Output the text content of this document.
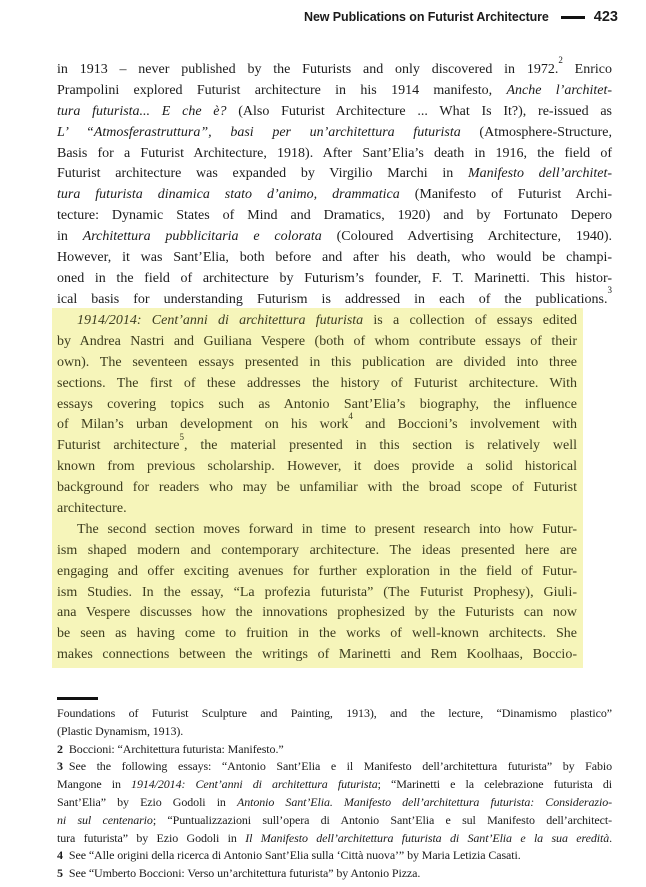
New Publications on Futurist Architecture	423
in 1913 – never published by the Futurists and only discovered in 1972.$^2$ Enrico
Prampolini explored Futurist architecture in his 1914 manifesto, Anche l’architet-
tura futurista... E che è? (Also Futurist Architecture ... What Is It?), re-issued as
L’ “Atmosferastruttura”, basi per un’architettura futurista (Atmosphere-Structure,
Basis for a Futurist Architecture, 1918). After Sant’Elia’s death in 1916, the field of
Futurist architecture was expanded by Virgilio Marchi in Manifesto dell’architet-
tura futurista dinamica stato d’animo, drammatica (Manifesto of Futurist Archi-
tecture: Dynamic States of Mind and Dramatics, 1920) and by Fortunato Depero
in Architettura pubblicitaria e colorata (Coloured Advertising Architecture, 1940).
However, it was Sant’Elia, both before and after his death, who would be champi-
oned in the field of architecture by Futurism’s founder, F. T. Marinetti. This histor-
ical basis for understanding Futurism is addressed in each of the publications.$^3$
1914/2014: Cent’anni di architettura futurista is a collection of essays edited
by Andrea Nastri and Guiliana Vespere (both of whom contribute essays of their
own). The seventeen essays presented in this publication are divided into three
sections. The first of these addresses the history of Futurist architecture. With
essays covering topics such as Antonio Sant’Elia’s biography, the influence
of Milan’s urban development on his work$^4$ and Boccioni’s involvement with
Futurist architecture$^5$, the material presented in this section is relatively well
known from previous scholarship. However, it does provide a solid historical
background for readers who may be unfamiliar with the broad scope of Futurist
architecture.
The second section moves forward in time to present research into how Futur-
ism shaped modern and contemporary architecture. The ideas presented here are
engaging and offer exciting avenues for further exploration in the field of Futur-
ism Studies. In the essay, “La profezia futurista” (The Futurist Prophesy), Giuli-
ana Vespere discusses how the innovations prophesized by the Futurists can now
be seen as having come to fruition in the works of well-known architects. She
makes connections between the writings of Marinetti and Rem Koolhaas, Boccio-
Foundations of Futurist Sculpture and Painting, 1913), and the lecture, “Dinamismo plastico”
(Plastic Dynamism, 1913).
2 Boccioni: “Architettura futurista: Manifesto.”
3 See the following essays: “Antonio Sant’Elia e il Manifesto dell’architettura futurista” by Fabio
Mangone in 1914/2014: Cent’anni di architettura futurista; “Marinetti e la celebrazione futurista di
Sant’Elia” by Ezio Godoli in Antonio Sant’Elia. Manifesto dell’architettura futurista: Considerazio-
ni sul centenario; “Puntualizzazioni sull’opera di Antonio Sant’Elia e sul Manifesto dell’architect-
tura futurista” by Ezio Godoli in Il Manifesto dell’architettura futurista di Sant’Elia e la sua eredità.
4 See “Alle origini della ricerca di Antonio Sant’Elia sulla ‘Città nuova’” by Maria Letizia Casati.
5 See “Umberto Boccioni: Verso un’architettura futurista” by Antonio Pizza.
